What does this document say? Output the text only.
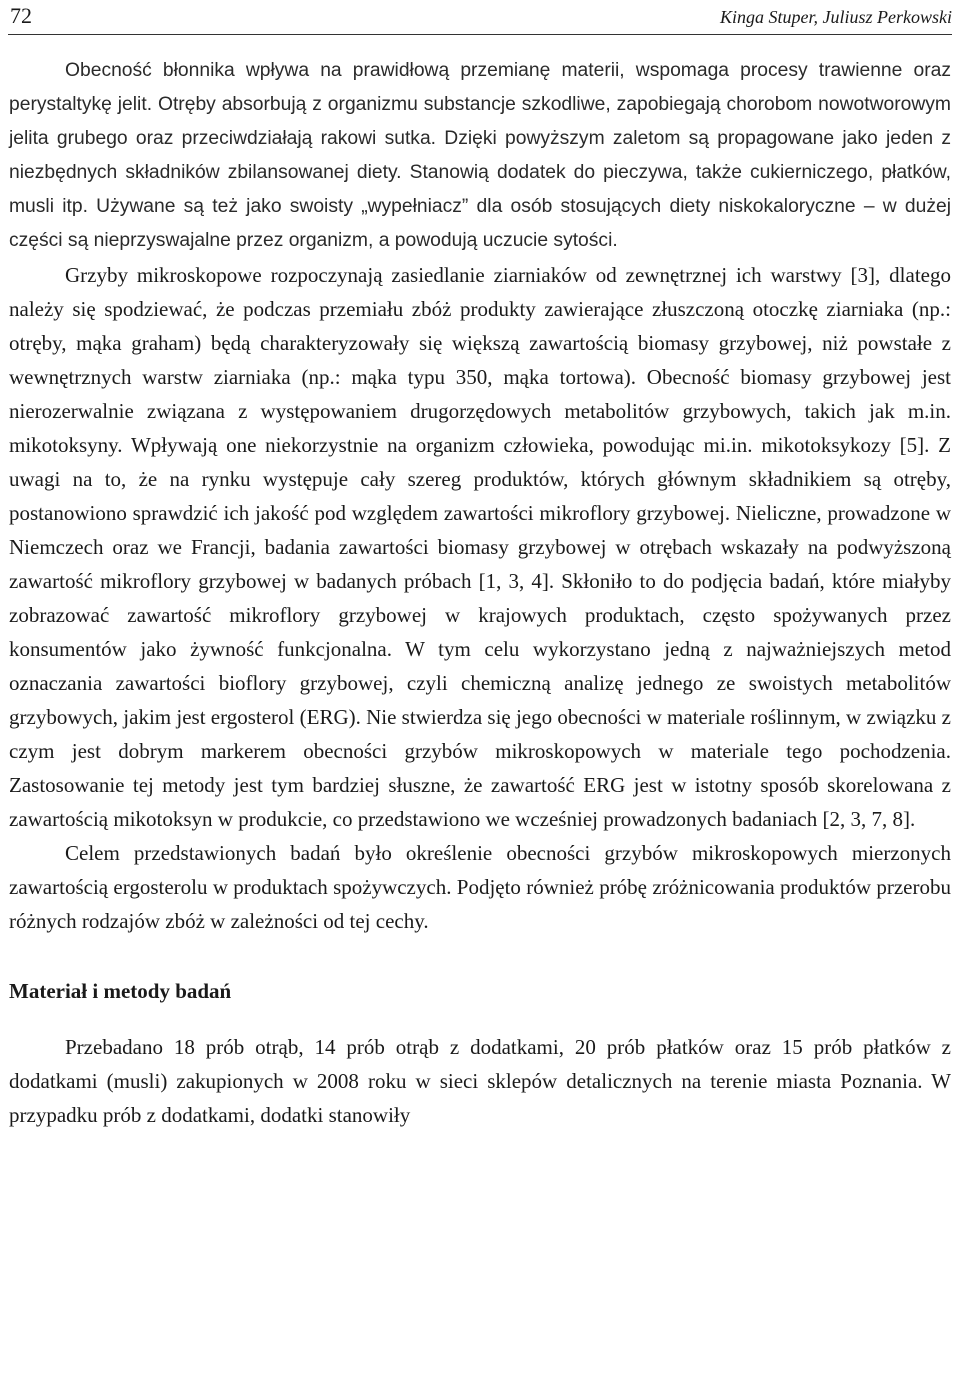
72	Kinga Stuper, Juliusz Perkowski

Obecność błonnika wpływa na prawidłową przemianę materii, wspomaga procesy trawienne oraz perystaltykę jelit. Otręby absorbują z organizmu substancje szkodliwe, zapobiegają chorobom nowotworowym jelita grubego oraz przeciwdziałają rakowi sutka. Dzięki powyższym zaletom są propagowane jako jeden z niezbędnych składników zbilansowanej diety. Stanowią dodatek do pieczywa, także cukierniczego, płatków, musli itp. Używane są też jako swoisty „wypełniacz” dla osób stosujących diety niskokaloryczne – w dużej części są nieprzyswajalne przez organizm, a powodują uczucie sytości.

Grzyby mikroskopowe rozpoczynają zasiedlanie ziarniaków od zewnętrznej ich warstwy [3], dlatego należy się spodziewać, że podczas przemiału zbóż produkty zawierające złuszczoną otoczkę ziarniaka (np.: otręby, mąka graham) będą charakteryzowały się większą zawartością biomasy grzybowej, niż powstałe z wewnętrznych warstw ziarniaka (np.: mąka typu 350, mąka tortowa). Obecność biomasy grzybowej jest nierozerwalnie związana z występowaniem drugorzędowych metabolitów grzybowych, takich jak m.in. mikotoksyny. Wpływają one niekorzystnie na organizm człowieka, powodując mi.in. mikotoksykozy [5]. Z uwagi na to, że na rynku występuje cały szereg produktów, których głównym składnikiem są otręby, postanowiono sprawdzić ich jakość pod względem zawartości mikroflory grzybowej. Nieliczne, prowadzone w Niemczech oraz we Francji, badania zawartości biomasy grzybowej w otrębach wskazały na podwyższoną zawartość mikroflory grzybowej w badanych próbach [1, 3, 4]. Skłoniło to do podjęcia badań, które miałyby zobrazować zawartość mikroflory grzybowej w krajowych produktach, często spożywanych przez konsumentów jako żywność funkcjonalna. W tym celu wykorzystano jedną z najważniejszych metod oznaczania zawartości bioflory grzybowej, czyli chemiczną analizę jednego ze swoistych metabolitów grzybowych, jakim jest ergosterol (ERG). Nie stwierdza się jego obecności w materiale roślinnym, w związku z czym jest dobrym markerem obecności grzybów mikroskopowych w materiale tego pochodzenia. Zastosowanie tej metody jest tym bardziej słuszne, że zawartość ERG jest w istotny sposób skorelowana z zawartością mikotoksyn w produkcie, co przedstawiono we wcześniej prowadzonych badaniach [2, 3, 7, 8].

Celem przedstawionych badań było określenie obecności grzybów mikroskopowych mierzonych zawartością ergosterolu w produktach spożywczych. Podjęto również próbę zróżnicowania produktów przerobu różnych rodzajów zbóż w zależności od tej cechy.

Materiał i metody badań

Przebadano 18 prób otrąb, 14 prób otrąb z dodatkami, 20 prób płatków oraz 15 prób płatków z dodatkami (musli) zakupionych w 2008 roku w sieci sklepów detalicznych na terenie miasta Poznania. W przypadku prób z dodatkami, dodatki stanowiły
